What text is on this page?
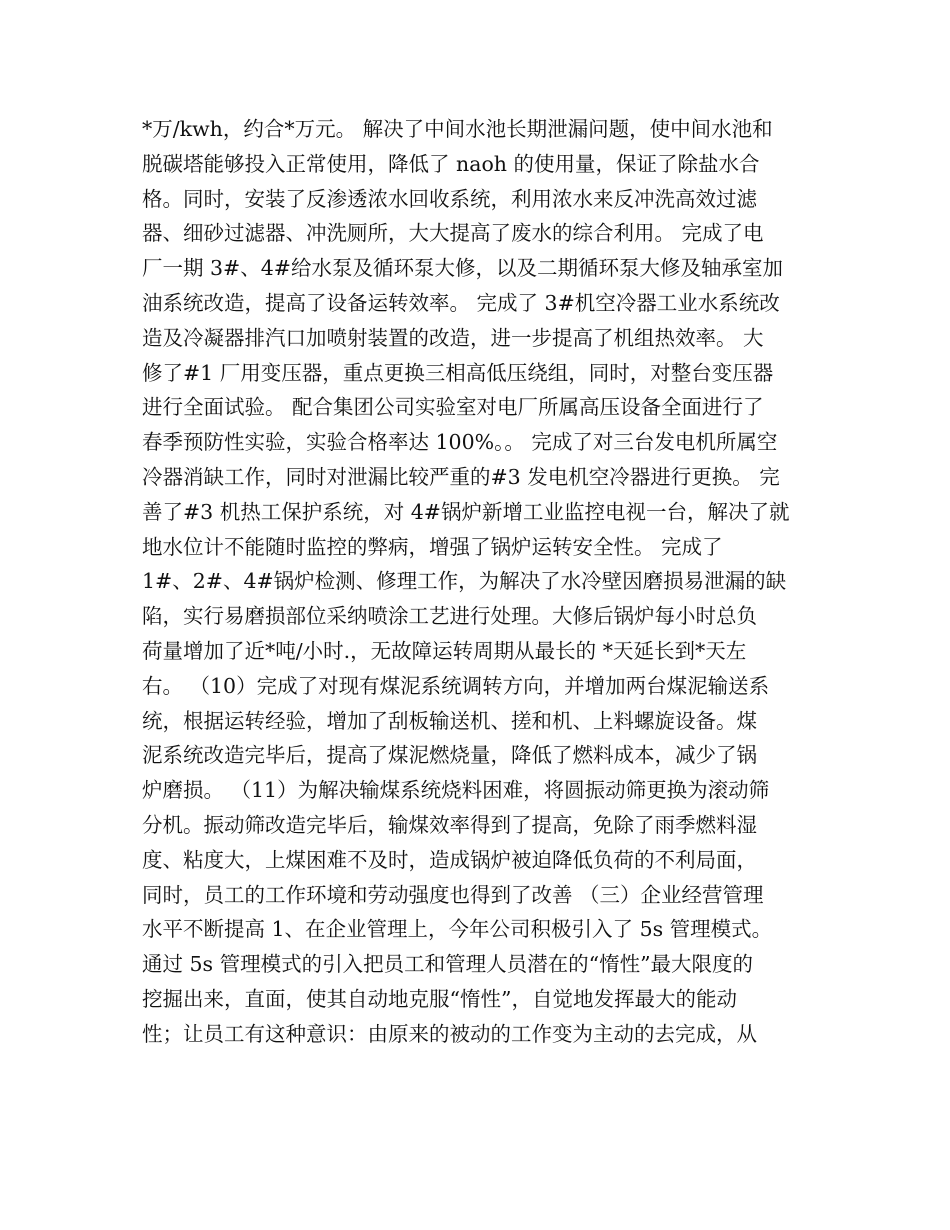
*万/kwh，约合*万元。 解决了中间水池长期泄漏问题，使中间水池和
脱碳塔能够投入正常使用，降低了 naoh 的使用量，保证了除盐水合
格。同时，安装了反渗透浓水回收系统，利用浓水来反冲洗高效过滤
器、细砂过滤器、冲洗厕所，大大提高了废水的综合利用。 完成了电
厂一期 3#、4#给水泵及循环泵大修，以及二期循环泵大修及轴承室加
油系统改造，提高了设备运转效率。 完成了 3#机空冷器工业水系统改
造及冷凝器排汽口加喷射装置的改造，进一步提高了机组热效率。 大
修了#1 厂用变压器，重点更换三相高低压绕组，同时，对整台变压器
进行全面试验。 配合集团公司实验室对电厂所属高压设备全面进行了
春季预防性实验，实验合格率达 100%。。 完成了对三台发电机所属空
冷器消缺工作，同时对泄漏比较严重的#3 发电机空冷器进行更换。 完
善了#3 机热工保护系统，对 4#锅炉新增工业监控电视一台，解决了就
地水位计不能随时监控的弊病，增强了锅炉运转安全性。 完成了
1#、2#、4#锅炉检测、修理工作，为解决了水冷壁因磨损易泄漏的缺
陷，实行易磨损部位采纳喷涂工艺进行处理。大修后锅炉每小时总负
荷量增加了近*吨/小时.，无故障运转周期从最长的 *天延长到*天左
右。 （10）完成了对现有煤泥系统调转方向，并增加两台煤泥输送系
统，根据运转经验，增加了刮板输送机、搓和机、上料螺旋设备。煤
泥系统改造完毕后，提高了煤泥燃烧量，降低了燃料成本，减少了锅
炉磨损。 （11）为解决输煤系统烧料困难，将圆振动筛更换为滚动筛
分机。振动筛改造完毕后，输煤效率得到了提高，免除了雨季燃料湿
度、粘度大，上煤困难不及时，造成锅炉被迫降低负荷的不利局面，
同时，员工的工作环境和劳动强度也得到了改善 （三）企业经营管理
水平不断提高 1、在企业管理上，今年公司积极引入了 5s 管理模式。
通过 5s 管理模式的引入把员工和管理人员潜在的“惰性”最大限度的
挖掘出来，直面，使其自动地克服“惰性”，自觉地发挥最大的能动
性；让员工有这种意识：由原来的被动的工作变为主动的去完成，从
